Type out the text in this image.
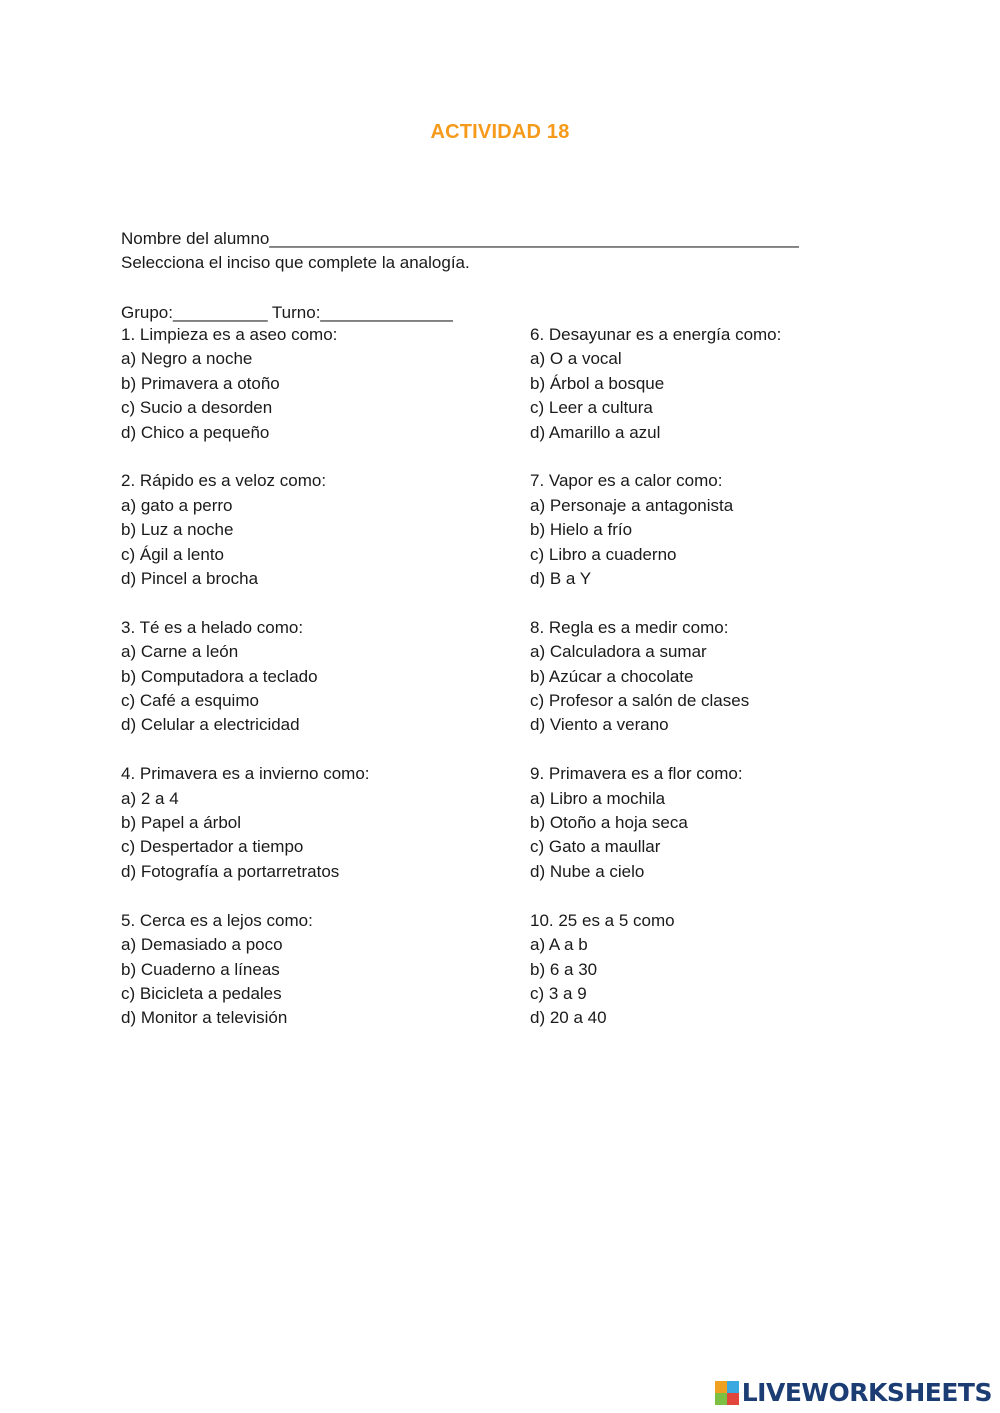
ACTIVIDAD 18

Nombre del alumno________________________________________________________

Grupo:__________ Turno:______________

Selecciona el inciso que complete la analogía.
1. Limpieza es a aseo como:
a) Negro a noche
b) Primavera a otoño
c) Sucio a desorden
d) Chico a pequeño
2. Rápido es a veloz como:
a) gato a perro
b) Luz a noche
c) Ágil a lento
d) Pincel a brocha
3. Té es a helado como:
a) Carne a león
b) Computadora a teclado
c) Café a esquimo
d) Celular a electricidad
4. Primavera es a invierno como:
a) 2 a 4
b) Papel a árbol
c) Despertador a tiempo
d) Fotografía a portarretratos
5. Cerca es a lejos como:
a) Demasiado a poco
b) Cuaderno a líneas
c) Bicicleta a pedales
d) Monitor a televisión
6. Desayunar es a energía como:
a) O a vocal
b) Árbol a bosque
c) Leer a cultura
d) Amarillo a azul
7. Vapor es a calor como:
a) Personaje a antagonista
b) Hielo a frío
c) Libro a cuaderno
d) B a Y
8. Regla es a medir como:
a) Calculadora a sumar
b) Azúcar a chocolate
c) Profesor a salón de clases
d) Viento a verano
9. Primavera es a flor como:
a) Libro a mochila
b) Otoño a hoja seca
c) Gato a maullar
d) Nube a cielo
10. 25 es a 5 como
a) A a b
b) 6 a 30
c) 3 a 9
d) 20 a 40
LIVEWORKSHEETS
